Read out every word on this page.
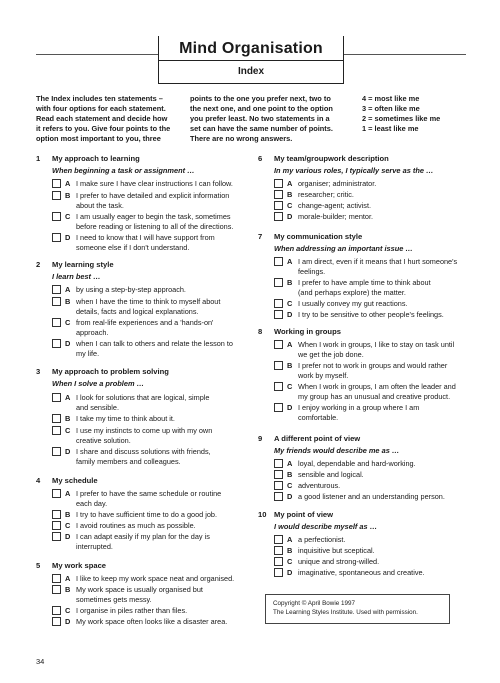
Mind Organisation
Index
The Index includes ten statements –
with four options for each statement.
Read each statement and decide how
it refers to you. Give four points to the
option most important to you, three
points to the one you prefer next, two to
the next one, and one point to the option
you prefer least. No two statements in a
set can have the same number of points.
There are no wrong answers.
4 = most like me
3 = often like me
2 = sometimes like me
1 = least like me
1 My approach to learning
When beginning a task or assignment …
A I make sure I have clear instructions I can follow.
B I prefer to have detailed and explicit information
about the task.
C I am usually eager to begin the task, sometimes
before reading or listening to all of the directions.
D I need to know that I will have support from
someone else if I don't understand.
2 My learning style
I learn best …
A by using a step-by-step approach.
B when I have the time to think to myself about
details, facts and logical explanations.
C from real-life experiences and a 'hands-on'
approach.
D when I can talk to others and relate the lesson to
my life.
3 My approach to problem solving
When I solve a problem …
A I look for solutions that are logical, simple
and sensible.
B I take my time to think about it.
C I use my instincts to come up with my own
creative solution.
D I share and discuss solutions with friends,
family members and colleagues.
4 My schedule
A I prefer to have the same schedule or routine
each day.
B I try to have sufficient time to do a good job.
C I avoid routines as much as possible.
D I can adapt easily if my plan for the day is
interrupted.
5 My work space
A I like to keep my work space neat and organised.
B My work space is usually organised but
sometimes gets messy.
C I organise in piles rather than files.
D My work space often looks like a disaster area.
6 My team/groupwork description
In my various roles, I typically serve as the …
A organiser; administrator.
B researcher; critic.
C change-agent; activist.
D morale-builder; mentor.
7 My communication style
When addressing an important issue …
A I am direct, even if it means that I hurt someone's
feelings.
B I prefer to have ample time to think about
(and perhaps explore) the matter.
C I usually convey my gut reactions.
D I try to be sensitive to other people's feelings.
8 Working in groups
A When I work in groups, I like to stay on task until
we get the job done.
B I prefer not to work in groups and would rather
work by myself.
C When I work in groups, I am often the leader and
my group has an unusual and creative product.
D I enjoy working in a group where I am
comfortable.
9 A different point of view
My friends would describe me as …
A loyal, dependable and hard-working.
B sensible and logical.
C adventurous.
D a good listener and an understanding person.
10 My point of view
I would describe myself as …
A a perfectionist.
B inquisitive but sceptical.
C unique and strong-willed.
D imaginative, spontaneous and creative.
Copyright © April Bowie 1997
The Learning Styles Institute. Used with permission.
34
